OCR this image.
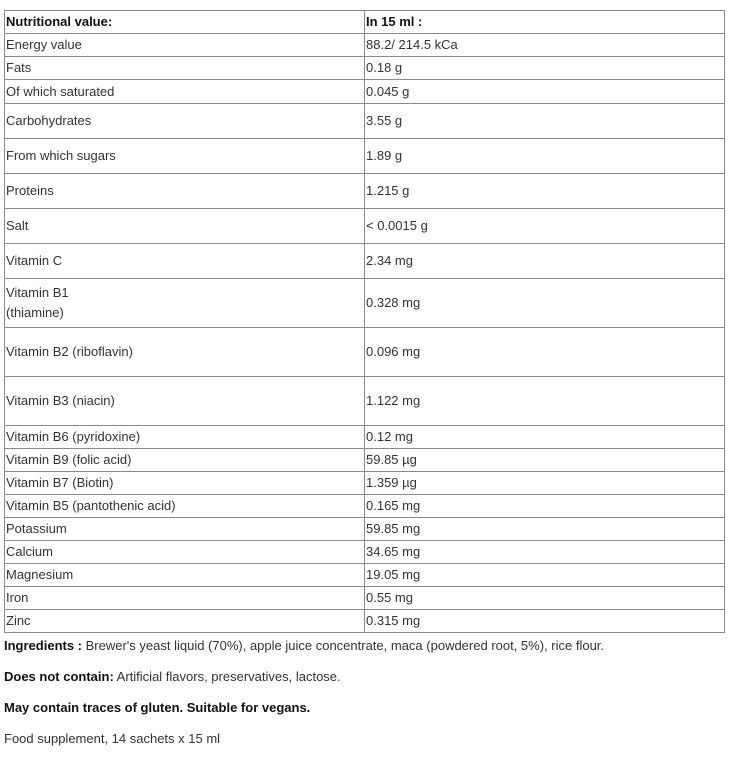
Nutritional value:	In 15 ml :
Energy value	88.2/ 214.5 kCa
Fats	0.18 g
Of which saturated	0.045 g
Carbohydrates	3.55 g
From which sugars	1.89 g
Proteins	1.215 g
Salt	< 0.0015 g
Vitamin C	2.34 mg
Vitamin B1
(thiamine)	0.328 mg
Vitamin B2 (riboflavin)	0.096 mg
Vitamin B3 (niacin)	1.122 mg
Vitamin B6 (pyridoxine)	0.12 mg
Vitamin B9 (folic acid)	59.85 µg
Vitamin B7 (Biotin)	1.359 µg
Vitamin B5 (pantothenic acid)	0.165 mg
Potassium	59.85 mg
Calcium	34.65 mg
Magnesium	19.05 mg
Iron	0.55 mg
Zinc	0.315 mg

Ingredients : Brewer's yeast liquid (70%), apple juice concentrate, maca (powdered root, 5%), rice flour.

Does not contain: Artificial flavors, preservatives, lactose.

May contain traces of gluten. Suitable for vegans.

Food supplement, 14 sachets x 15 ml
